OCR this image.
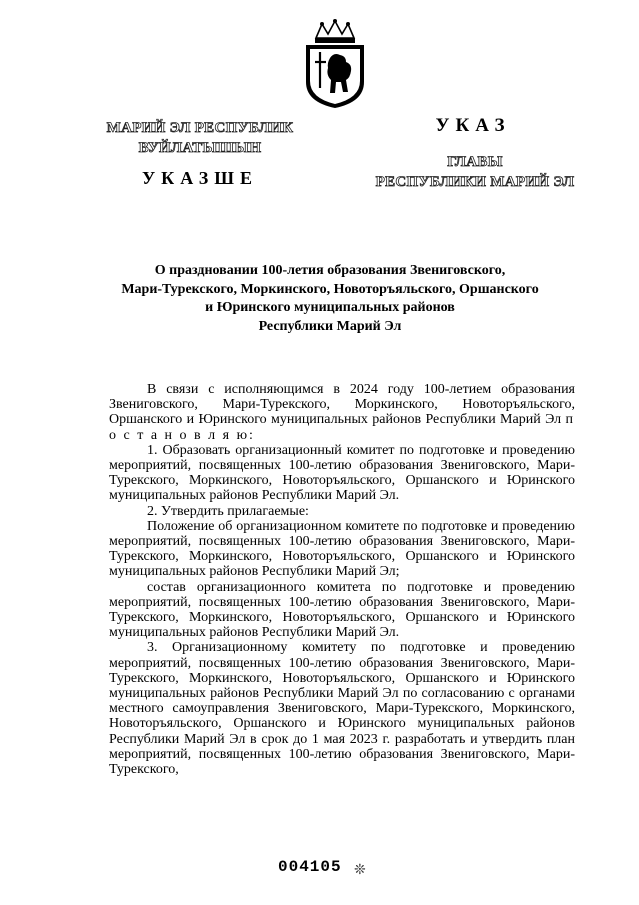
МАРИЙ ЭЛ РЕСПУБЛИК
ВУЙЛАТЫШЫН
УКАЗШЕ
УКАЗ
ГЛАВЫ
РЕСПУБЛИКИ МАРИЙ ЭЛ
О праздновании 100-летия образования Звениговского,
Мари-Турекского, Моркинского, Новоторъяльского, Оршанского
и Юринского муниципальных районов
Республики Марий Эл

В связи с исполняющимся в 2024 году 100-летием образования Звениговского, Мари-Турекского, Моркинского, Новоторъяльского, Оршанского и Юринского муниципальных районов Республики Марий Эл п о с т а н о в л я ю:

1. Образовать организационный комитет по подготовке и проведению мероприятий, посвященных 100-летию образования Звениговского, Мари-Турекского, Моркинского, Новоторъяльского, Оршанского и Юринского муниципальных районов Республики Марий Эл.

2. Утвердить прилагаемые:

Положение об организационном комитете по подготовке и проведению мероприятий, посвященных 100-летию образования Звениговского, Мари-Турекского, Моркинского, Новоторъяльского, Оршанского и Юринского муниципальных районов Республики Марий Эл;

состав организационного комитета по подготовке и проведению мероприятий, посвященных 100-летию образования Звениговского, Мари-Турекского, Моркинского, Новоторъяльского, Оршанского и Юринского муниципальных районов Республики Марий Эл.

3. Организационному комитету по подготовке и проведению мероприятий, посвященных 100-летию образования Звениговского, Мари-Турекского, Моркинского, Новоторъяльского, Оршанского и Юринского муниципальных районов Республики Марий Эл по согласованию с органами местного самоуправления Звениговского, Мари-Турекского, Моркинского, Новоторъяльского, Оршанского и Юринского муниципальных районов Республики Марий Эл в срок до 1 мая 2023 г. разработать и утвердить план мероприятий, посвященных 100-летию образования Звениговского, Мари-Турекского,

004105 ❊
